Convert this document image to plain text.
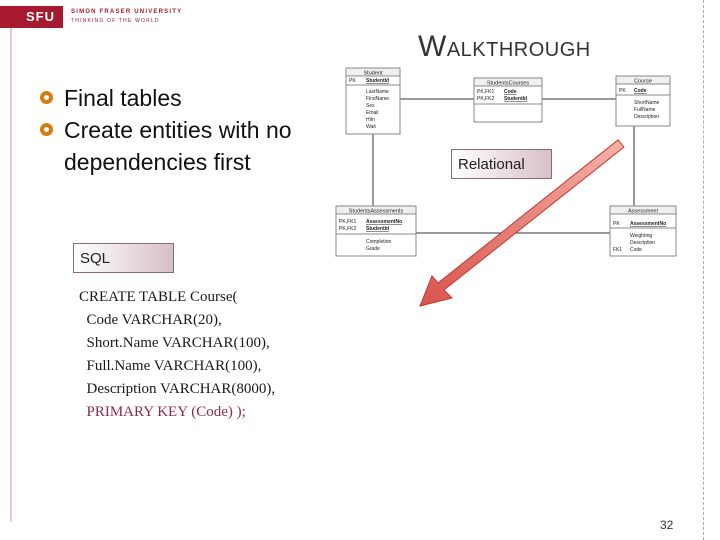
SFU	SIMON FRASER UNIVERSITY
THINKING OF THE WORLD
WALKTHROUGH
Final tables
Create entities with no dependencies first
Student
PK StudentId
LastName
FirstName
Sex
Email
HiIn
Wait
StudentsCourses
PK,FK1
PK,FK2
Code
StudentId
Course
PK Code
ShortName
FullName
Description
StudentsAssessments
PK,FK1
PK,FK2
AssessmentNo
StudentId
Completion
Grade
Assessment
PK AssessmentNo
Weighting
Description
FK1 Code
Relational
SQL
CREATE TABLE Course(
Code VARCHAR(20),
Short.Name VARCHAR(100),
Full.Name VARCHAR(100),
Description VARCHAR(8000),
PRIMARY KEY (Code) );
32
